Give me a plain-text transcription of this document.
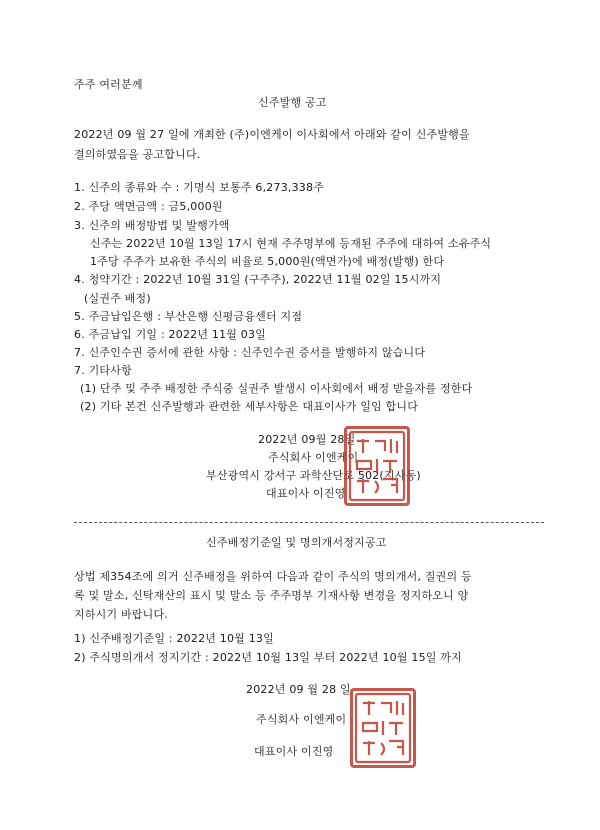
주주 여러분께
신주발행 공고
2022년 09 월 27 일에 개최한 (주)이엔케이 이사회에서 아래와 같이 신주발행을
결의하였음을 공고합니다.
1. 신주의 종류와 수 : 기명식 보통주 6,273,338주
2. 주당 액면금액 : 금5,000원
3. 신주의 배정방법 및 발행가액
신주는 2022년 10월 13일 17시 현재 주주명부에 등재된 주주에 대하여 소유주식
1주당 주주가 보유한 주식의 비율로 5,000원(액면가)에 배정(발행) 한다
4. 청약기간 : 2022년 10월 31일 (구주주), 2022년 11월 02일 15시까지
(실권주 배정)
5. 주금납입은행 : 부산은행 신평금융센터 지점
6. 주금납입 기일 : 2022년 11월 03일
7. 신주인수권 증서에 관한 사항 : 신주인수권 증서를 발행하지 않습니다
7. 기타사항
(1) 단주 및 주주 배정한 주식중 실권주 발생시 이사회에서 배정 받을자를 정한다
(2) 기타 본건 신주발행과 관련한 세부사항은 대표이사가 일임 합니다
2022년 09월 28일
주식회사 이엔케이
부산광역시 강서구 과학산단로 502(지사동)
대표이사 이진영
신주배정기준일 및 명의개서정지공고
상법 제354조에 의거 신주배정을 위하여 다음과 같이 주식의 명의개서, 질권의 등
록 및 말소, 신탁재산의 표시 및 말소 등 주주명부 기재사항 변경을 정지하오니 양
지하시기 바랍니다.
1) 신주배정기준일 : 2022년 10월 13일
2) 주식명의개서 정지기간 : 2022년 10월 13일 부터 2022년 10월 15일 까지
2022년 09 월 28 일
주식회사 이엔케이
대표이사 이진영
